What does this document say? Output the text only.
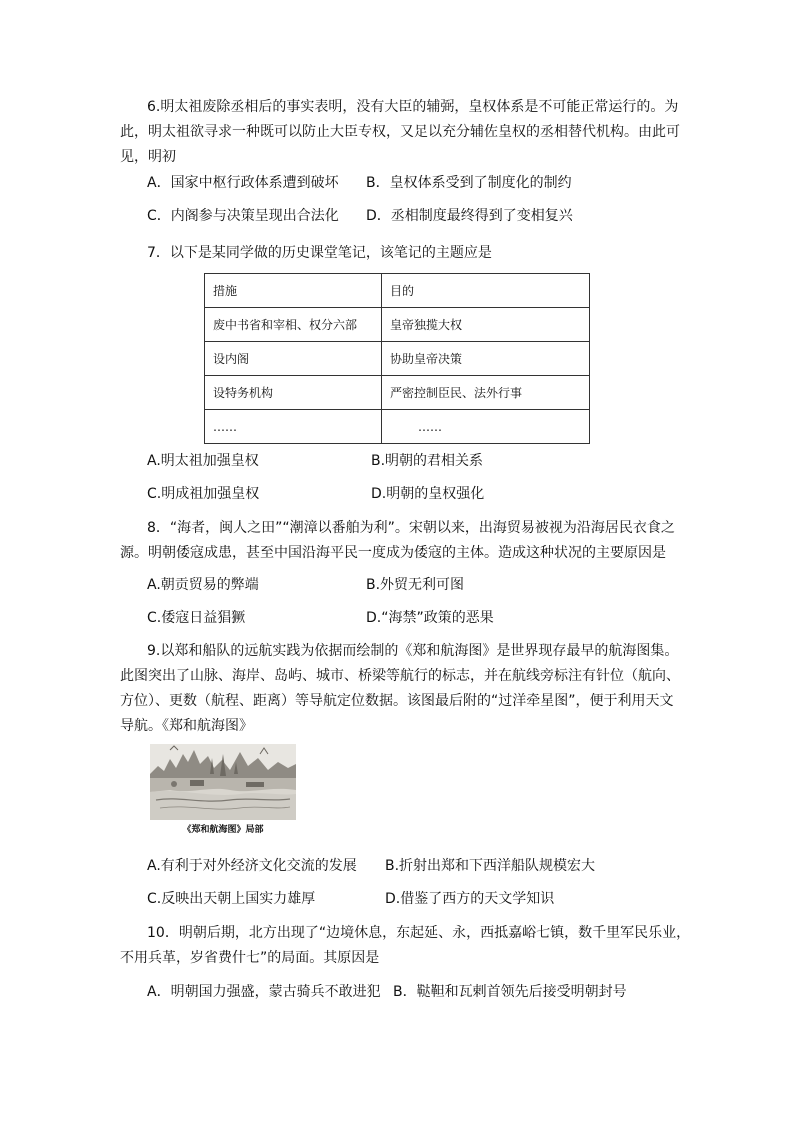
6.明太祖废除丞相后的事实表明，没有大臣的辅弼，皇权体系是不可能正常运行的。为
此，明太祖欲寻求一种既可以防止大臣专权，又足以充分辅佐皇权的丞相替代机构。由此可
见，明初
A．国家中枢行政体系遭到破坏 B．皇权体系受到了制度化的制约
C．内阁参与决策呈现出合法化 D．丞相制度最终得到了变相复兴
7．以下是某同学做的历史课堂笔记，该笔记的主题应是
措施	目的
废中书省和宰相、权分六部	皇帝独揽大权
设内阁	协助皇帝决策
设特务机构	严密控制臣民、法外行事
……	……
A.明太祖加强皇权	B.明朝的君相关系
C.明成祖加强皇权	D.明朝的皇权强化
8．“海者，闽人之田”“潮漳以番舶为利”。宋朝以来，出海贸易被视为沿海居民衣食之
源。明朝倭寇成患，甚至中国沿海平民一度成为倭寇的主体。造成这种状况的主要原因是
A.朝贡贸易的弊端	B.外贸无利可图
C.倭寇日益猖獗	D.“海禁”政策的恶果
9.以郑和船队的远航实践为依据而绘制的《郑和航海图》是世界现存最早的航海图集。
此图突出了山脉、海岸、岛屿、城市、桥梁等航行的标志，并在航线旁标注有针位（航向、
方位）、更数（航程、距离）等导航定位数据。该图最后附的“过洋牵星图”，便于利用天文
导航。《郑和航海图》
《郑和航海图》局部
A.有利于对外经济文化交流的发展 B.折射出郑和下西洋船队规模宏大
C.反映出天朝上国实力雄厚	D.借鉴了西方的天文学知识
10．明朝后期，北方出现了“边境休息，东起延、永，西抵嘉峪七镇，数千里军民乐业，
不用兵革，岁省费什七”的局面。其原因是
A．明朝国力强盛，蒙古骑兵不敢进犯 B．鞑靼和瓦剌首领先后接受明朝封号
